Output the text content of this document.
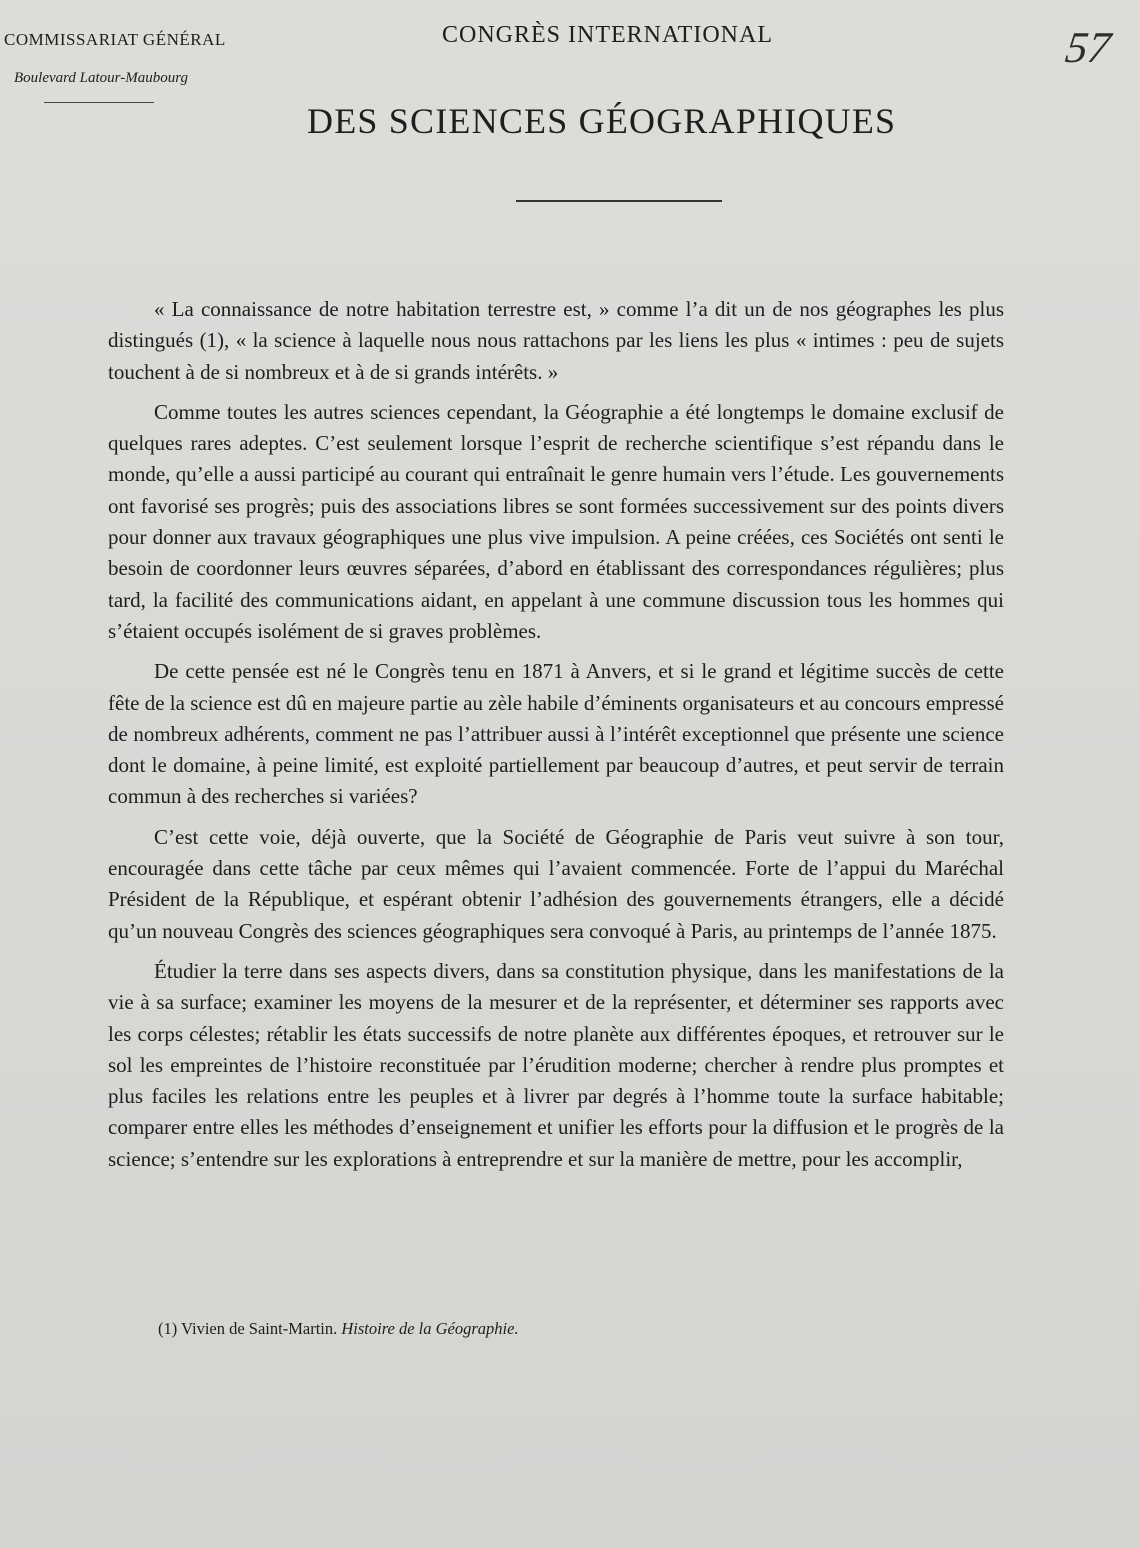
COMMISSARIAT GÉNÉRAL
Boulevard Latour-Maubourg
CONGRÈS INTERNATIONAL	57
DES SCIENCES GÉOGRAPHIQUES

« La connaissance de notre habitation terrestre est, » comme l’a dit un de nos géographes les plus distingués (1), « la science à laquelle nous nous rattachons par les liens les plus « intimes : peu de sujets touchent à de si nombreux et à de si grands intérêts. »

Comme toutes les autres sciences cependant, la Géographie a été longtemps le domaine exclusif de quelques rares adeptes. C’est seulement lorsque l’esprit de recherche scientifique s’est répandu dans le monde, qu’elle a aussi participé au courant qui entraînait le genre humain vers l’étude. Les gouvernements ont favorisé ses progrès; puis des associations libres se sont formées successivement sur des points divers pour donner aux travaux géographiques une plus vive impulsion. A peine créées, ces Sociétés ont senti le besoin de coordonner leurs œuvres séparées, d’abord en établissant des correspondances régulières; plus tard, la facilité des communications aidant, en appelant à une commune discussion tous les hommes qui s’étaient occupés isolément de si graves problèmes.

De cette pensée est né le Congrès tenu en 1871 à Anvers, et si le grand et légitime succès de cette fête de la science est dû en majeure partie au zèle habile d’éminents organisateurs et au concours empressé de nombreux adhérents, comment ne pas l’attribuer aussi à l’intérêt exceptionnel que présente une science dont le domaine, à peine limité, est exploité partiellement par beaucoup d’autres, et peut servir de terrain commun à des recherches si variées?

C’est cette voie, déjà ouverte, que la Société de Géographie de Paris veut suivre à son tour, encouragée dans cette tâche par ceux mêmes qui l’avaient commencée. Forte de l’appui du Maréchal Président de la République, et espérant obtenir l’adhésion des gouvernements étrangers, elle a décidé qu’un nouveau Congrès des sciences géographiques sera convoqué à Paris, au printemps de l’année 1875.

Étudier la terre dans ses aspects divers, dans sa constitution physique, dans les manifestations de la vie à sa surface; examiner les moyens de la mesurer et de la représenter, et déterminer ses rapports avec les corps célestes; rétablir les états successifs de notre planète aux différentes époques, et retrouver sur le sol les empreintes de l’histoire reconstituée par l’érudition moderne; chercher à rendre plus promptes et plus faciles les relations entre les peuples et à livrer par degrés à l’homme toute la surface habitable; comparer entre elles les méthodes d’enseignement et unifier les efforts pour la diffusion et le progrès de la science; s’entendre sur les explorations à entreprendre et sur la manière de mettre, pour les accomplir,

(1) Vivien de Saint-Martin. Histoire de la Géographie.
